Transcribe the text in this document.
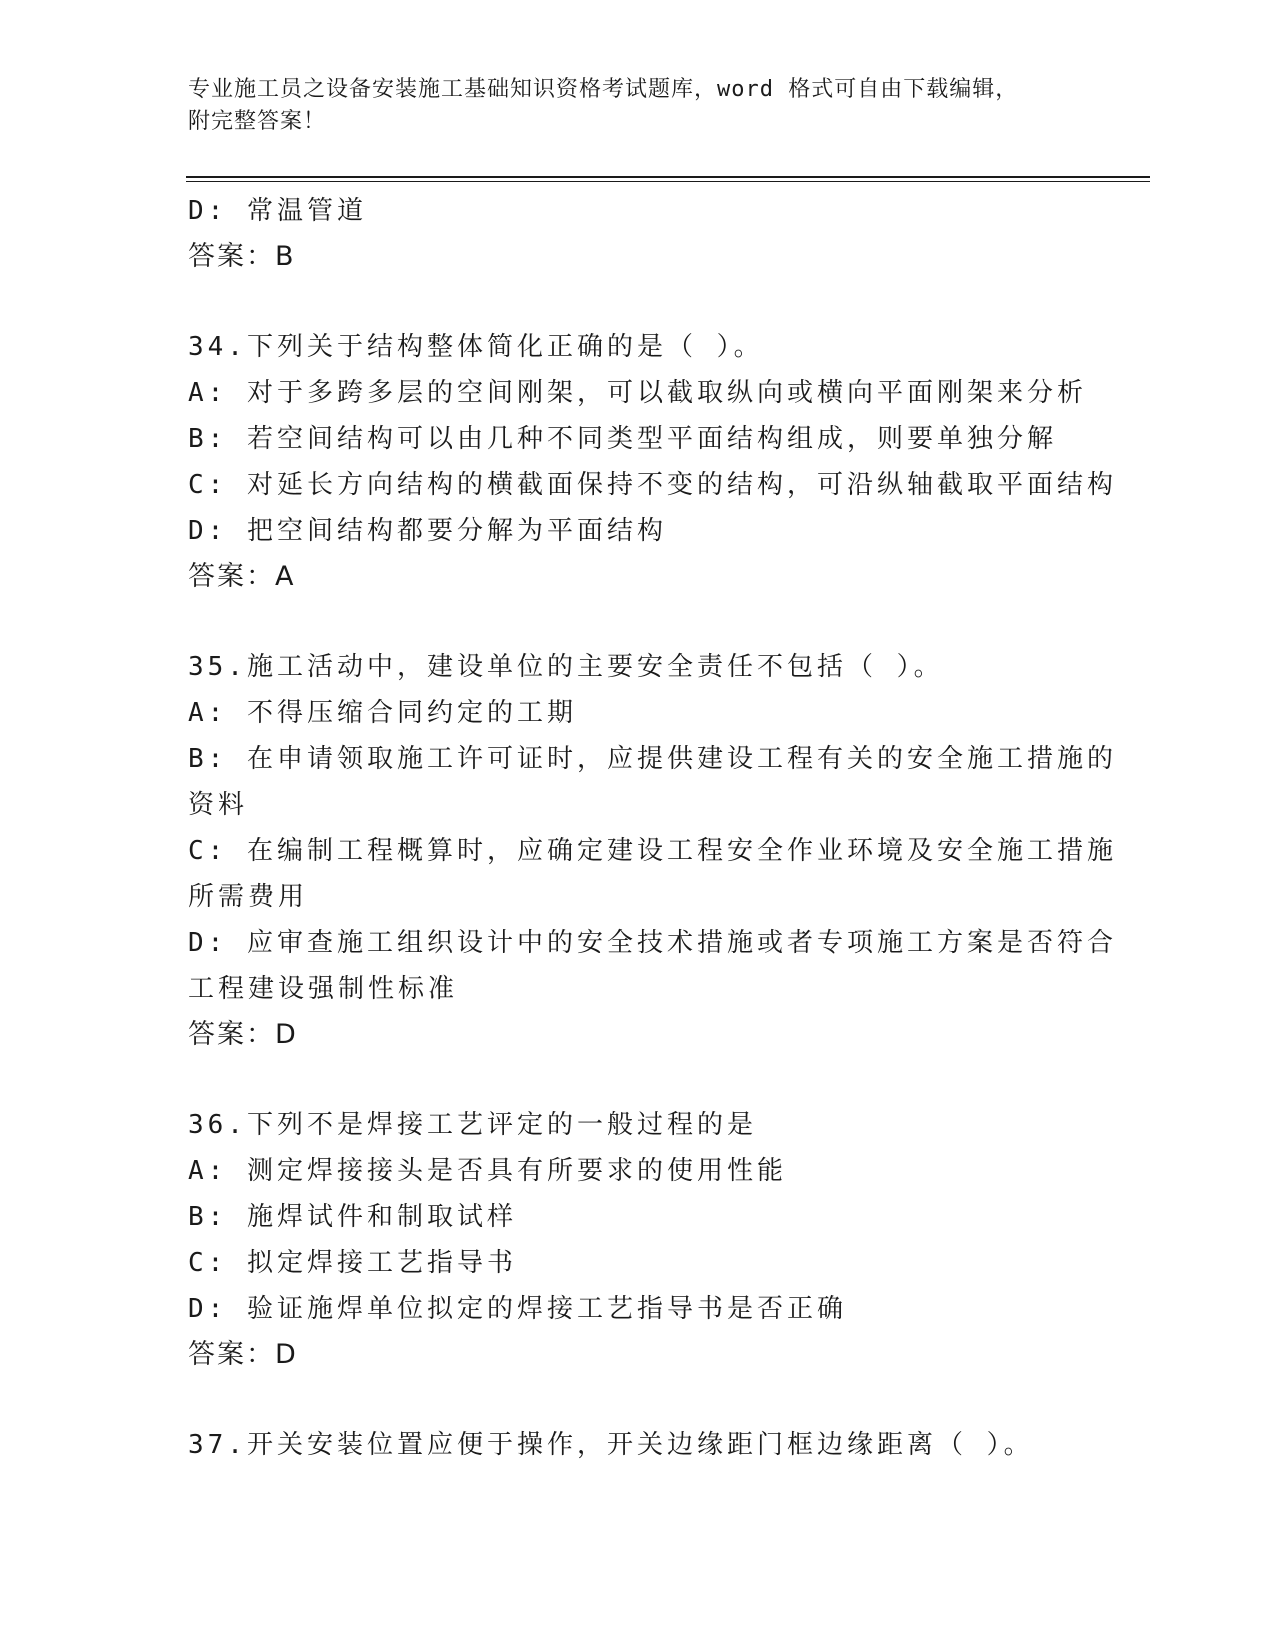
专业施工员之设备安装施工基础知识资格考试题库，word 格式可自由下载编辑，
附完整答案！
D: 常温管道
答案：B
34.下列关于结构整体简化正确的是（ ）。
A: 对于多跨多层的空间刚架，可以截取纵向或横向平面刚架来分析
B: 若空间结构可以由几种不同类型平面结构组成，则要单独分解
C: 对延长方向结构的横截面保持不变的结构，可沿纵轴截取平面结构
D: 把空间结构都要分解为平面结构
答案：A
35.施工活动中，建设单位的主要安全责任不包括（ ）。
A: 不得压缩合同约定的工期
B: 在申请领取施工许可证时，应提供建设工程有关的安全施工措施的
资料
C: 在编制工程概算时，应确定建设工程安全作业环境及安全施工措施
所需费用
D: 应审查施工组织设计中的安全技术措施或者专项施工方案是否符合
工程建设强制性标准
答案：D
36.下列不是焊接工艺评定的一般过程的是
A: 测定焊接接头是否具有所要求的使用性能
B: 施焊试件和制取试样
C: 拟定焊接工艺指导书
D: 验证施焊单位拟定的焊接工艺指导书是否正确
答案：D
37.开关安装位置应便于操作，开关边缘距门框边缘距离（ ）。
